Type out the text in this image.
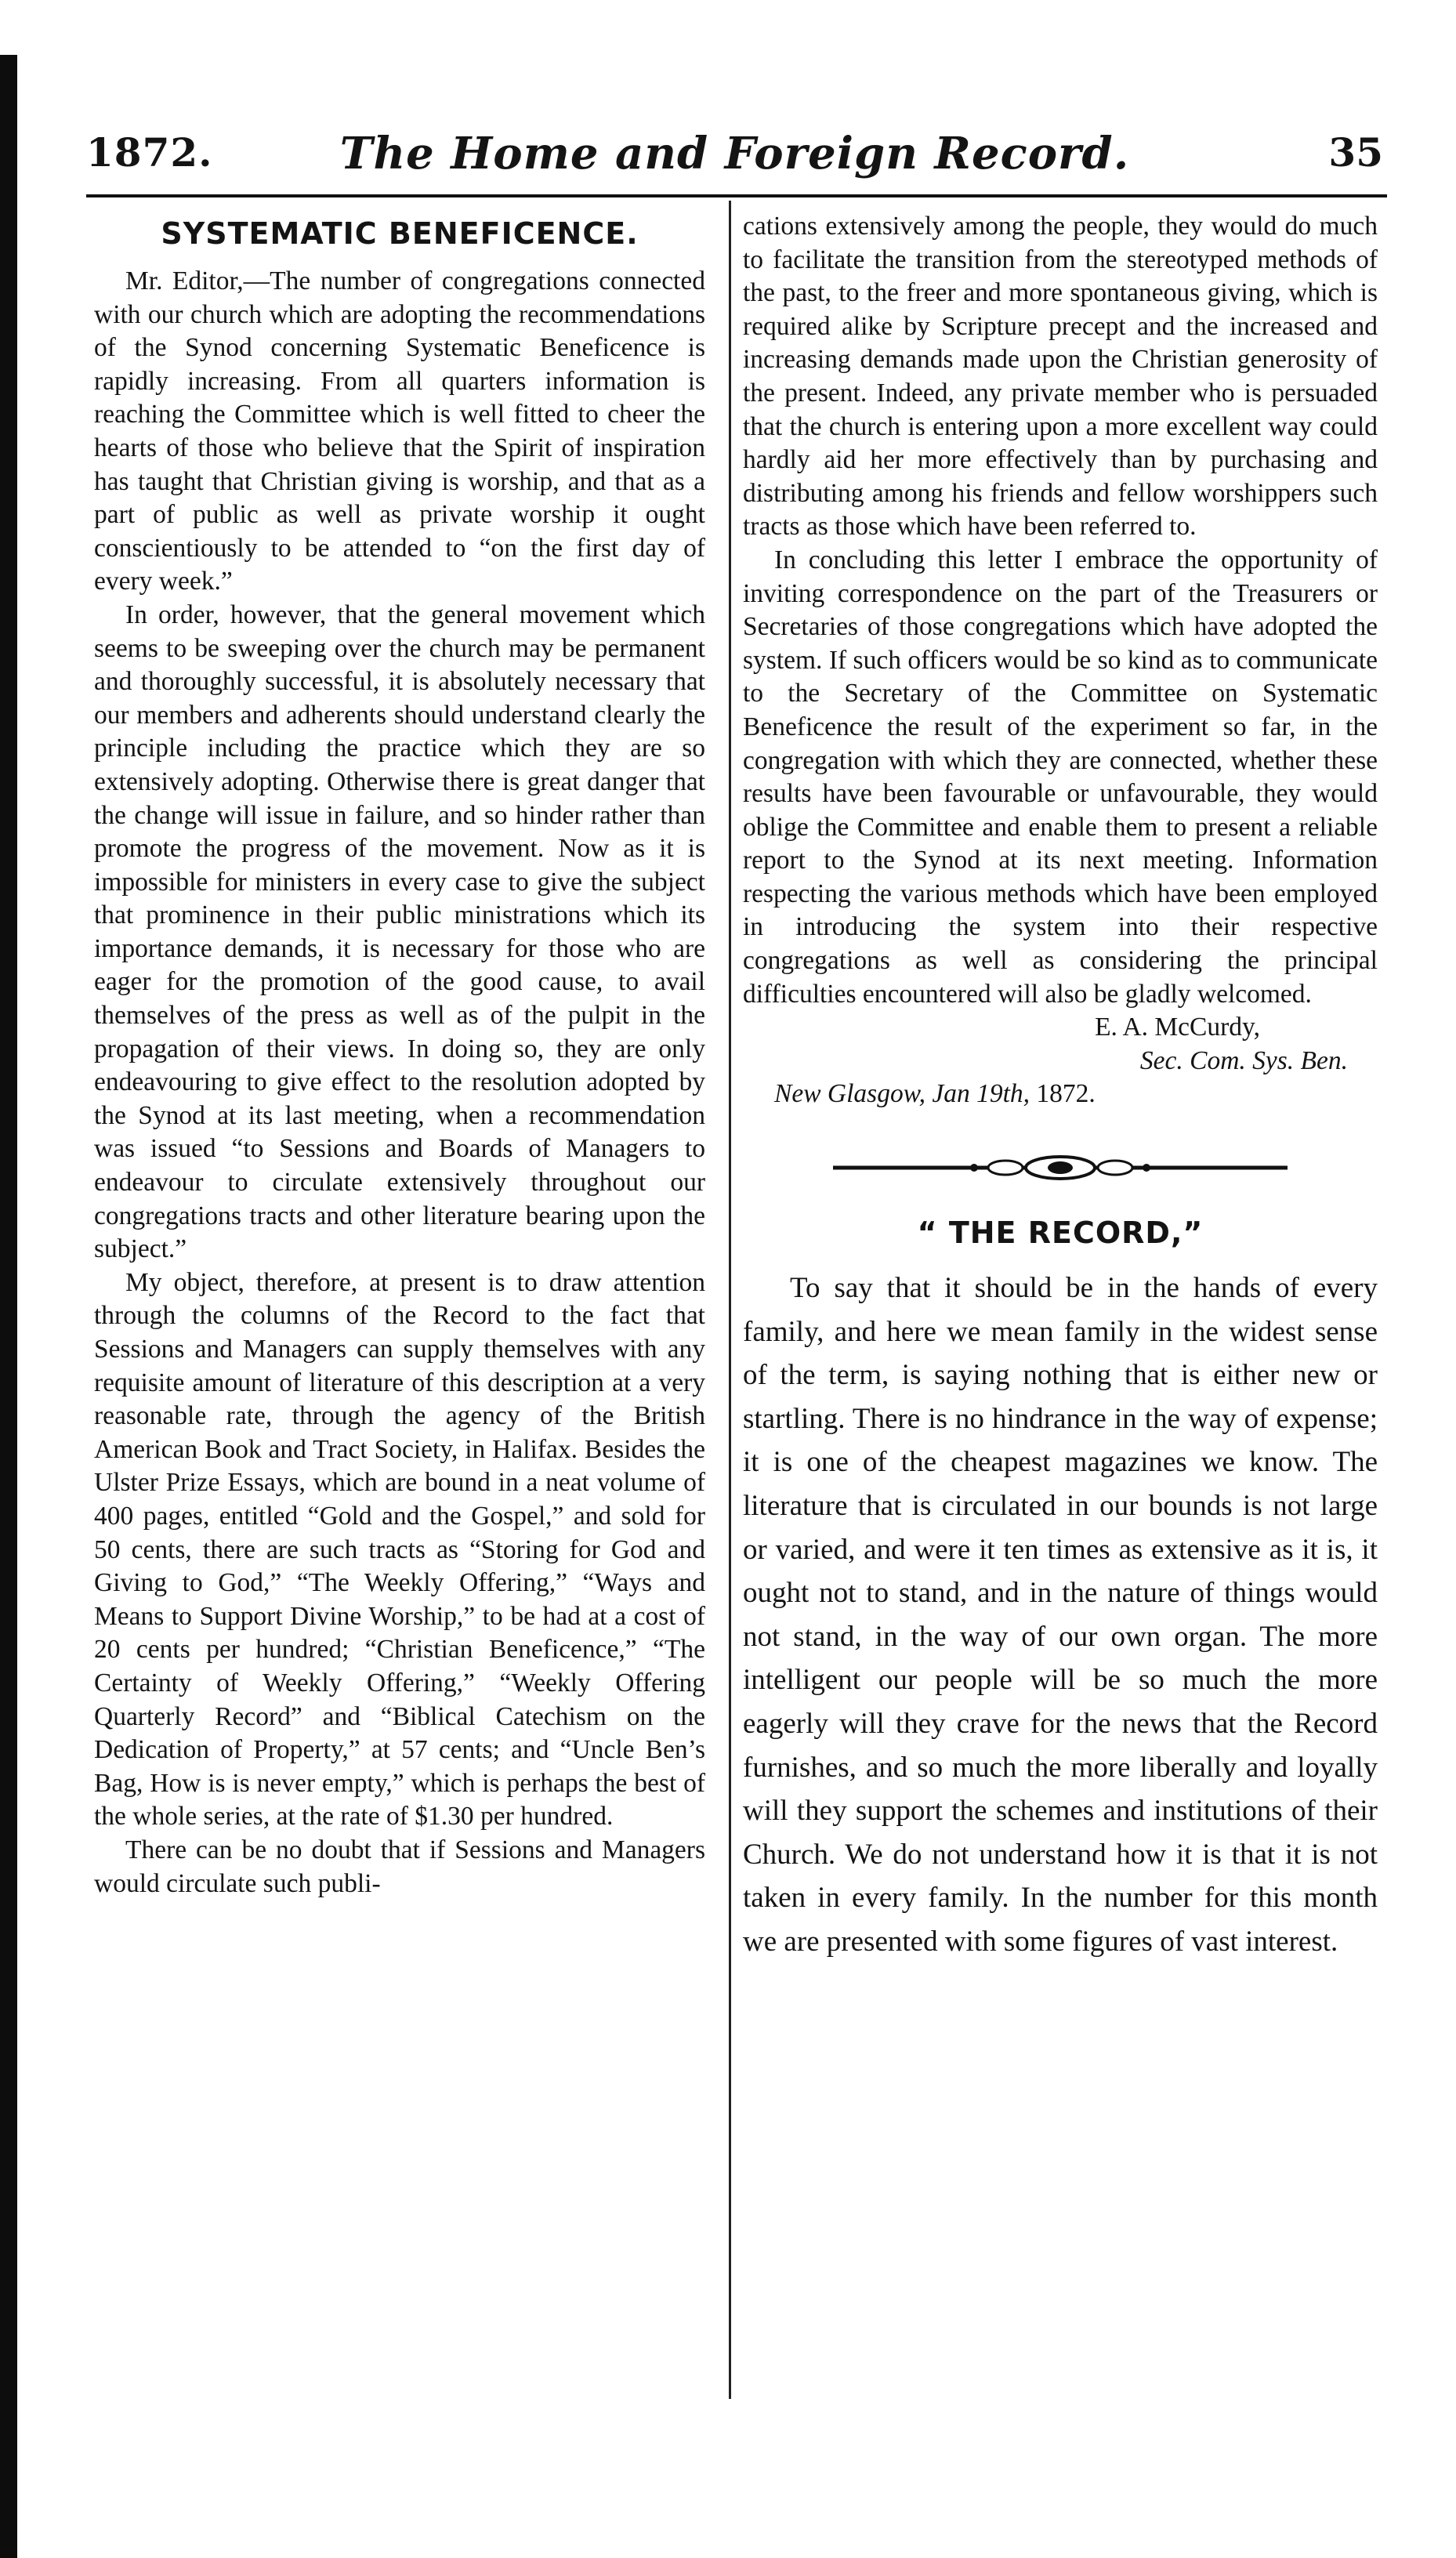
1872.	The Home and Foreign Record.	35
SYSTEMATIC BENEFICENCE.

Mr. Editor,—The number of congregations connected with our church which are adopting the recommendations of the Synod concerning Systematic Beneficence is rapidly increasing. From all quarters information is reaching the Committee which is well fitted to cheer the hearts of those who believe that the Spirit of inspiration has taught that Christian giving is worship, and that as a part of public as well as private worship it ought conscientiously to be attended to “on the first day of every week.”

In order, however, that the general movement which seems to be sweeping over the church may be permanent and thoroughly successful, it is absolutely necessary that our members and adherents should understand clearly the principle including the practice which they are so extensively adopting. Otherwise there is great danger that the change will issue in failure, and so hinder rather than promote the progress of the movement. Now as it is impossible for ministers in every case to give the subject that prominence in their public ministrations which its importance demands, it is necessary for those who are eager for the promotion of the good cause, to avail themselves of the press as well as of the pulpit in the propagation of their views. In doing so, they are only endeavouring to give effect to the resolution adopted by the Synod at its last meeting, when a recommendation was issued “to Sessions and Boards of Managers to endeavour to circulate extensively throughout our congregations tracts and other literature bearing upon the subject.”

My object, therefore, at present is to draw attention through the columns of the Record to the fact that Sessions and Managers can supply themselves with any requisite amount of literature of this description at a very reasonable rate, through the agency of the British American Book and Tract Society, in Halifax. Besides the Ulster Prize Essays, which are bound in a neat volume of 400 pages, entitled “Gold and the Gospel,” and sold for 50 cents, there are such tracts as “Storing for God and Giving to God,” “The Weekly Offering,” “Ways and Means to Support Divine Worship,” to be had at a cost of 20 cents per hundred; “Christian Beneficence,” “The Certainty of Weekly Offering,” “Weekly Offering Quarterly Record” and “Biblical Catechism on the Dedication of Property,” at 57 cents; and “Uncle Ben’s Bag, How is is never empty,” which is perhaps the best of the whole series, at the rate of $1.30 per hundred.

There can be no doubt that if Sessions and Managers would circulate such publi-

cations extensively among the people, they would do much to facilitate the transition from the stereotyped methods of the past, to the freer and more spontaneous giving, which is required alike by Scripture precept and the increased and increasing demands made upon the Christian generosity of the present. Indeed, any private member who is persuaded that the church is entering upon a more excellent way could hardly aid her more effectively than by purchasing and distributing among his friends and fellow worshippers such tracts as those which have been referred to.

In concluding this letter I embrace the opportunity of inviting correspondence on the part of the Treasurers or Secretaries of those congregations which have adopted the system. If such officers would be so kind as to communicate to the Secretary of the Committee on Systematic Beneficence the result of the experiment so far, in the congregation with which they are connected, whether these results have been favourable or unfavourable, they would oblige the Committee and enable them to present a reliable report to the Synod at its next meeting. Information respecting the various methods which have been employed in introducing the system into their respective congregations as well as considering the principal difficulties encountered will also be gladly welcomed.

E. A. McCurdy,

Sec. Com. Sys. Ben.

New Glasgow, Jan 19th, 1872.

“ THE RECORD,”

To say that it should be in the hands of every family, and here we mean family in the widest sense of the term, is saying nothing that is either new or startling. There is no hindrance in the way of expense; it is one of the cheapest magazines we know. The literature that is circulated in our bounds is not large or varied, and were it ten times as extensive as it is, it ought not to stand, and in the nature of things would not stand, in the way of our own organ. The more intelligent our people will be so much the more eagerly will they crave for the news that the Record furnishes, and so much the more liberally and loyally will they support the schemes and institutions of their Church. We do not understand how it is that it is not taken in every family. In the number for this month we are presented with some figures of vast interest.
